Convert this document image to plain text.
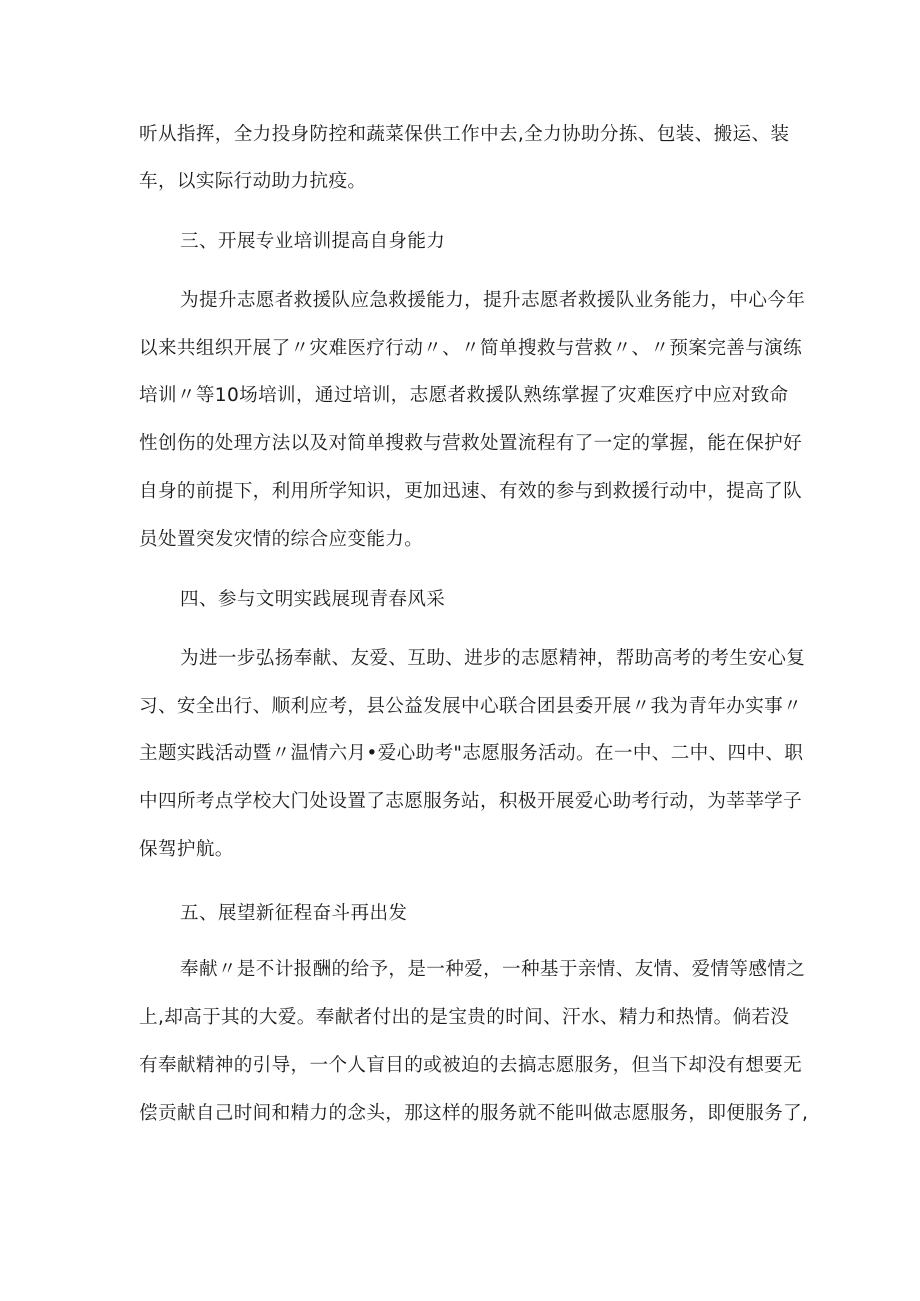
听从指挥，全力投身防控和蔬菜保供工作中去,全力协助分拣、包装、搬运、装
车，以实际行动助力抗疫。
三、开展专业培训提高自身能力
为提升志愿者救援队应急救援能力，提升志愿者救援队业务能力，中心今年
以来共组织开展了〃灾难医疗行动〃、〃简单搜救与营救〃、〃预案完善与演练
培训〃等10场培训，通过培训，志愿者救援队熟练掌握了灾难医疗中应对致命
性创伤的处理方法以及对简单搜救与营救处置流程有了一定的掌握，能在保护好
自身的前提下，利用所学知识，更加迅速、有效的参与到救援行动中，提高了队
员处置突发灾情的综合应变能力。
四、参与文明实践展现青春风采
为进一步弘扬奉献、友爱、互助、进步的志愿精神，帮助高考的考生安心复
习、安全出行、顺利应考，县公益发展中心联合团县委开展〃我为青年办实事〃
主题实践活动暨〃温情六月•爱心助考"志愿服务活动。在一中、二中、四中、职
中四所考点学校大门处设置了志愿服务站，积极开展爱心助考行动，为莘莘学子
保驾护航。
五、展望新征程奋斗再出发
奉献〃是不计报酬的给予，是一种爱，一种基于亲情、友情、爱情等感情之
上,却高于其的大爱。奉献者付出的是宝贵的时间、汗水、精力和热情。倘若没
有奉献精神的引导，一个人盲目的或被迫的去搞志愿服务，但当下却没有想要无
偿贡献自己时间和精力的念头，那这样的服务就不能叫做志愿服务，即便服务了,
